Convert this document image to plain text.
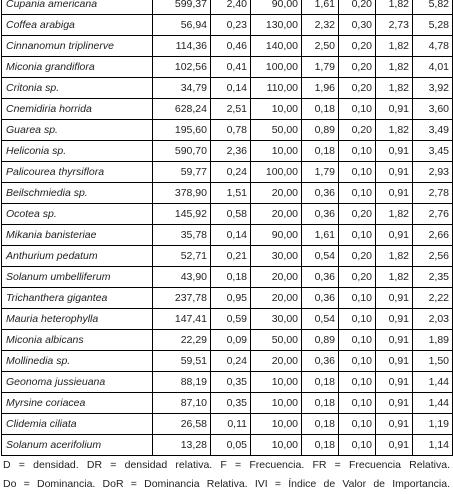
Cupania americana	599,37	2,40	90,00	1,61	0,20	1,82	5,82
Coffea arabiga	56,94	0,23	130,00	2,32	0,30	2,73	5,28
Cinnanomun triplinerve	114,36	0,46	140,00	2,50	0,20	1,82	4,78
Miconia grandiflora	102,56	0,41	100,00	1,79	0,20	1,82	4,01
Critonia sp.	34,79	0,14	110,00	1,96	0,20	1,82	3,92
Cnemidiria horrida	628,24	2,51	10,00	0,18	0,10	0,91	3,60
Guarea sp.	195,60	0,78	50,00	0,89	0,20	1,82	3,49
Heliconia sp.	590,70	2,36	10,00	0,18	0,10	0,91	3,45
Palicourea thyrsiflora	59,77	0,24	100,00	1,79	0,10	0,91	2,93
Beilschmiedia sp.	378,90	1,51	20,00	0,36	0,10	0,91	2,78
Ocotea sp.	145,92	0,58	20,00	0,36	0,20	1,82	2,76
Mikania banisteriae	35,78	0,14	90,00	1,61	0,10	0,91	2,66
Anthurium pedatum	52,71	0,21	30,00	0,54	0,20	1,82	2,56
Solanum umbelliferum	43,90	0,18	20,00	0,36	0,20	1,82	2,35
Trichanthera gigantea	237,78	0,95	20,00	0,36	0,10	0,91	2,22
Mauria heterophylla	147,41	0,59	30,00	0,54	0,10	0,91	2,03
Miconia albicans	22,29	0,09	50,00	0,89	0,10	0,91	1,89
Mollinedia sp.	59,51	0,24	20,00	0,36	0,10	0,91	1,50
Geonoma jussieuana	88,19	0,35	10,00	0,18	0,10	0,91	1,44
Myrsine coriacea	87,10	0,35	10,00	0,18	0,10	0,91	1,44
Clidemia ciliata	26,58	0,11	10,00	0,18	0,10	0,91	1,19
Solanum acerifolium	13,28	0,05	10,00	0,18	0,10	0,91	1,14
D = densidad. DR = densidad relativa. F = Frecuencia. FR = Frecuencia Relativa.
Do = Dominancia. DoR = Dominancia Relativa. IVI = Índice de Valor de Importancia.
